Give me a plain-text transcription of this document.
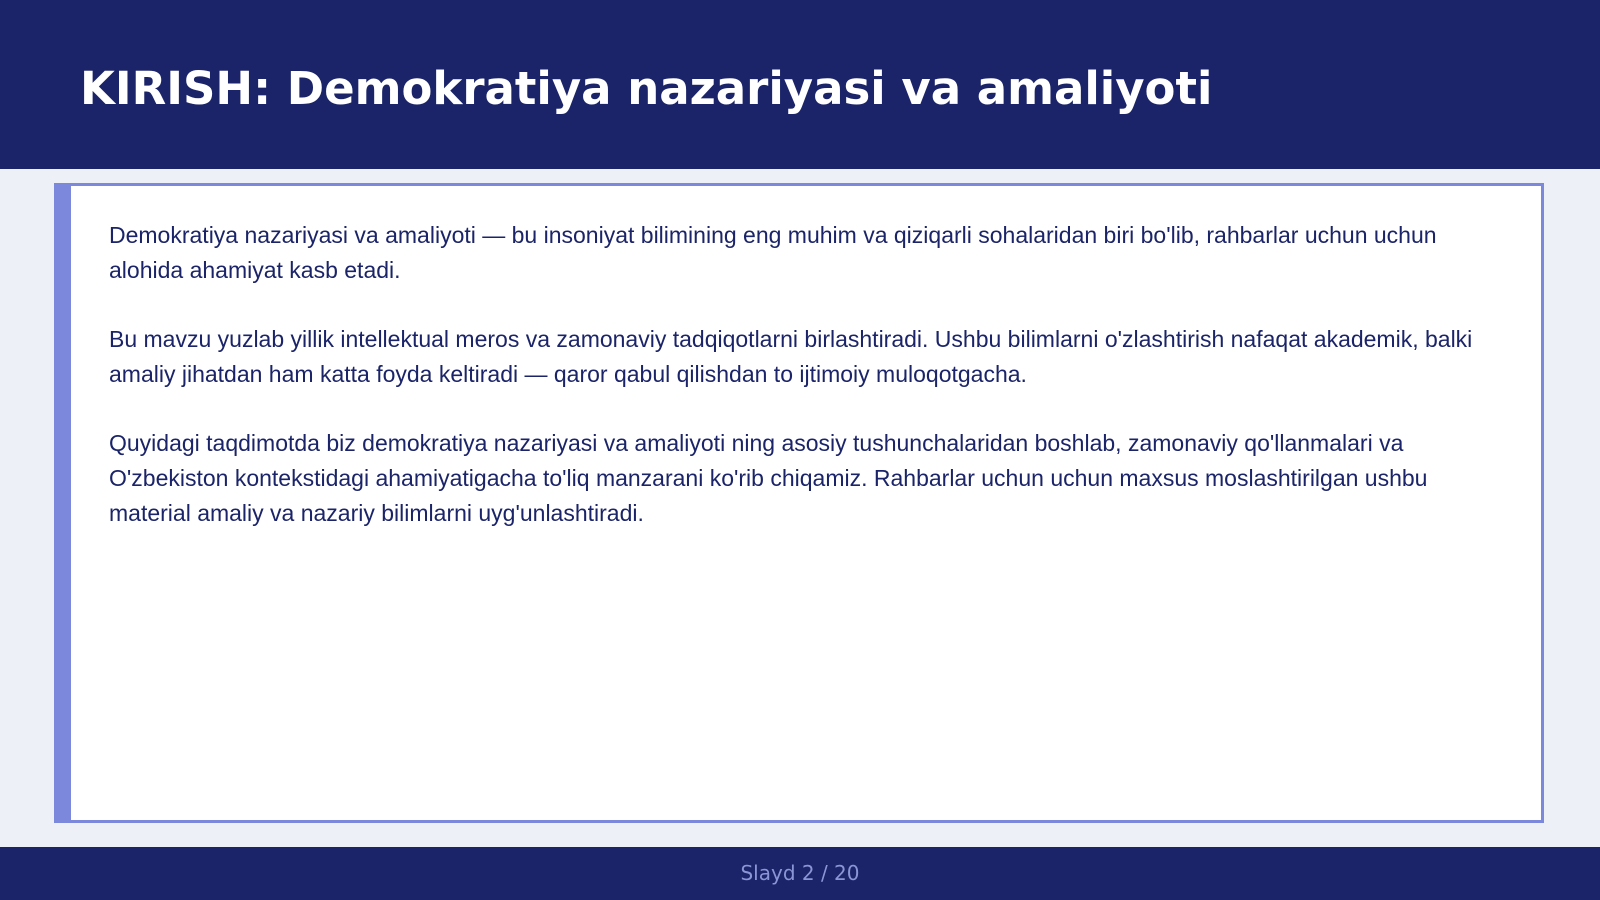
KIRISH: Demokratiya nazariyasi va amaliyoti

Demokratiya nazariyasi va amaliyoti — bu insoniyat bilimining eng muhim va qiziqarli sohalaridan biri bo'lib, rahbarlar uchun uchun alohida ahamiyat kasb etadi.

Bu mavzu yuzlab yillik intellektual meros va zamonaviy tadqiqotlarni birlashtiradi. Ushbu bilimlarni o'zlashtirish nafaqat akademik, balki amaliy jihatdan ham katta foyda keltiradi — qaror qabul qilishdan to ijtimoiy muloqotgacha.

Quyidagi taqdimotda biz demokratiya nazariyasi va amaliyoti ning asosiy tushunchalaridan boshlab, zamonaviy qo'llanmalari va O'zbekiston kontekstidagi ahamiyatigacha to'liq manzarani ko'rib chiqamiz. Rahbarlar uchun uchun maxsus moslashtirilgan ushbu material amaliy va nazariy bilimlarni uyg'unlashtiradi.

Slayd 2 / 20
